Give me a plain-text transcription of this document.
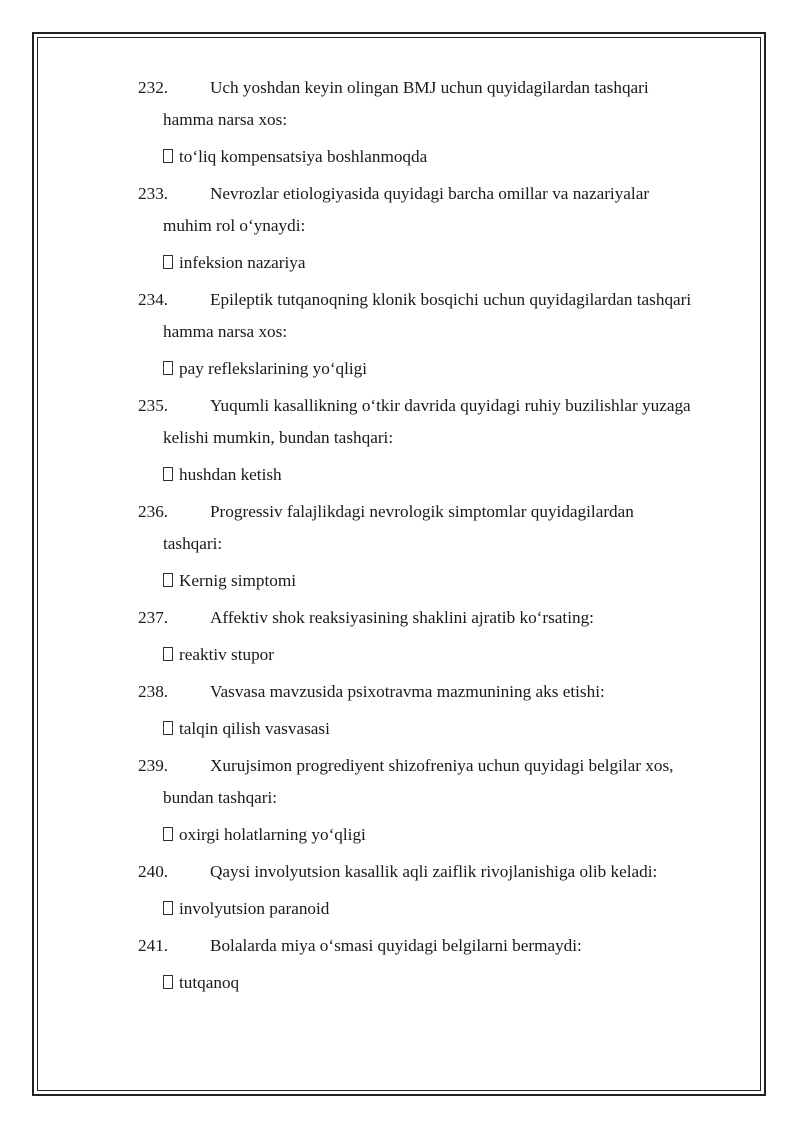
232. Uch yoshdan keyin olingan BMJ uchun quyidagilardan tashqari
hamma narsa xos:
to‘liq kompensatsiya boshlanmoqda
233. Nevrozlar etiologiyasida quyidagi barcha omillar va nazariyalar
muhim rol o‘ynaydi:
infeksion nazariya
234. Epileptik tutqanoqning klonik bosqichi uchun quyidagilardan tashqari
hamma narsa xos:
pay reflekslarining yo‘qligi
235. Yuqumli kasallikning o‘tkir davrida quyidagi ruhiy buzilishlar yuzaga
kelishi mumkin, bundan tashqari:
hushdan ketish
236. Progressiv falajlikdagi nevrologik simptomlar quyidagilardan
tashqari:
Kernig simptomi
237. Affektiv shok reaksiyasining shaklini ajratib ko‘rsating:
reaktiv stupor
238. Vasvasa mavzusida psixotravma mazmunining aks etishi:
talqin qilish vasvasasi
239. Xurujsimon progrediyent shizofreniya uchun quyidagi belgilar xos,
bundan tashqari:
oxirgi holatlarning yo‘qligi
240. Qaysi involyutsion kasallik aqli zaiflik rivojlanishiga olib keladi:
involyutsion paranoid
241. Bolalarda miya o‘smasi quyidagi belgilarni bermaydi:
tutqanoq
